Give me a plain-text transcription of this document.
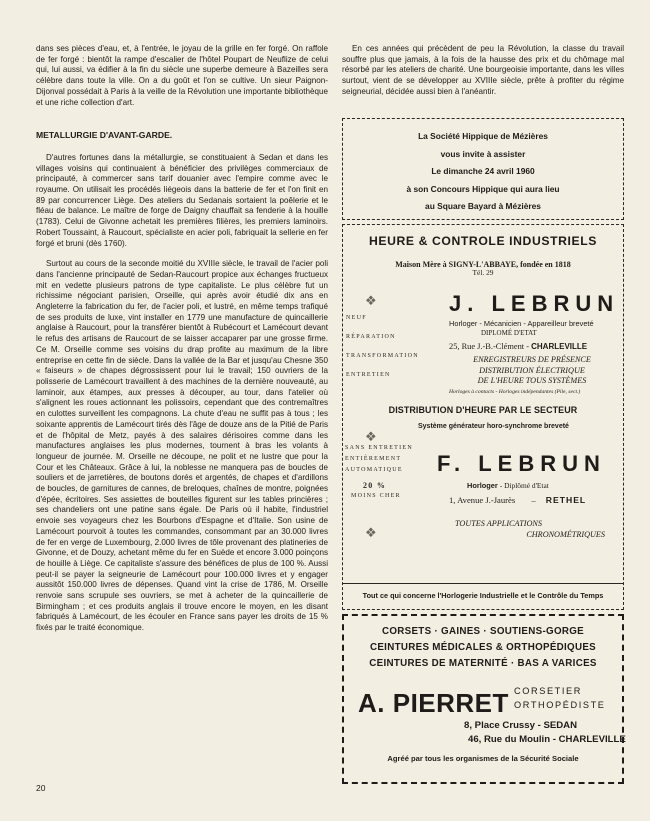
dans ses pièces d'eau, et, à l'entrée, le joyau de la grille en fer forgé. On raffole de fer forgé : bientôt la rampe d'escalier de l'hôtel Poupart de Neuflize de celui qui, lui aussi, va édifier à la fin du siècle une superbe demeure à Bazeilles sera célèbre dans toute la ville. On a du goût et l'on se cultive. Un sieur Paignon-Dijonval possédait à Paris à la veille de la Révolution une importante bibliothèque et une riche collection d'art.

METALLURGIE D'AVANT-GARDE.

D'autres fortunes dans la métallurgie, se constituaient à Sedan et dans les villages voisins qui continuaient à bénéficier des privilèges commerciaux de principauté, à commercer sans tarif douanier avec l'empire comme avec le royaume. On utilisait les procédés liégeois dans la batterie de fer et l'on finit en 89 par concurrencer Liège. Des ateliers du Sedanais sortaient la poêlerie et le fléau de balance. Le maître de forge de Daigny chauffait sa fenderie à la houille (1783). Celui de Givonne achetait les premières filières, les premiers laminoirs. Robert Toussaint, à Raucourt, spécialiste en acier poli, fabriquait la sellerie en fer forgé et bruni (dès 1760).

Surtout au cours de la seconde moitié du XVIIIe siècle, le travail de l'acier poli dans l'ancienne principauté de Sedan-Raucourt propice aux échanges fructueux mit en vedette plusieurs patrons de type capitaliste. Le plus célèbre fut un richissime négociant parisien, Orseille, qui après avoir étudié dix ans en Angleterre la fabrication du fer, de l'acier poli, et lustré, en même temps trafiqué de ses produits de luxe, vint installer en 1779 une manufacture de quincaillerie anglaise à Raucourt, pour la transférer bientôt à Rubécourt et Lamécourt devant le refus des artisans de Raucourt de se laisser accaparer par une grosse firme. Ce M. Orseille comme ses voisins du drap profite au maximum de la libre entreprise en cette fin de siècle. Dans la vallée de la Bar et jusqu'au Chesne 350 « faiseurs » de chapes dégrossissent pour lui le travail; 150 ouvriers de la polisserie de Lamécourt travaillent à des machines de la dernière nouveauté, au laminoir, aux étampes, aux presses à découper, au tour, dans l'atelier où s'alignent les roues actionnant les polissoirs, cependant que des contremaîtres en culottes surveillent les compagnons. La chute d'eau ne suffit pas à tous ; les soixante apprentis de Lamécourt tirés dès l'âge de douze ans de la Pitié de Paris et de l'hôpital de Metz, payés à des salaires dérisoires comme dans les manufactures anglaises les plus modernes, tournent à bras les volants à longueur de journée. M. Orseille ne découpe, ne polit et ne lustre que pour la Cour et les Châteaux. Grâce à lui, la noblesse ne manquera pas de boucles de souliers et de jarretières, de boutons dorés et argentés, de chapes et d'ardillons de boucles, de garnitures de cannes, de breloques, chaînes de montre, poignées d'épée, écritoires. Ses assiettes de bouteilles figurent sur les tables princières ; ses chandeliers ont une patine sans égale. De Paris où il habite, l'industriel envoie ses voyageurs chez les Bourbons d'Espagne et d'Italie. Son usine de Lamécourt pourvoit à toutes les commandes, consommant par an 30.000 livres de fer en verge de Luxembourg, 2.000 livres de tôle provenant des platineries de Givonne, et de Douzy, achetant même du fer en Suède et encore 3.000 poinçons de houille à Liège. Ce capitaliste s'assure des bénéfices de plus de 100 %. Aussi peut-il se payer la seigneurie de Lamécourt pour 100.000 livres et y engager aussitôt 150.000 livres de dépenses. Quand vint la crise de 1786, M. Orseille renvoie sans scrupule ses ouvriers, se met à acheter de la quincaillerie de Birmingham ; et ces produits anglais il trouve encore le moyen, en les disant fabriqués à Lamécourt, de les écouler en France sans payer les droits de 15 % fixés par le traité économique.

En ces années qui précèdent de peu la Révolution, la classe du travail souffre plus que jamais, à la fois de la hausse des prix et du chômage mal résorbé par les ateliers de charité. Une bourgeoisie importante, dans les villes surtout, vient de se développer au XVIIIe siècle, prête à profiter du régime seigneurial, décidée aussi bien à l'anéantir.

La Société Hippique de Mézières
vous invite à assister
Le dimanche 24 avril 1960
à son Concours Hippique qui aura lieu
au Square Bayard à Mézières
HEURE & CONTROLE INDUSTRIELS
Maison Mère à SIGNY-L'ABBAYE, fondée en 1818
Tél. 29
❖
NEUF
RÉPARATION
TRANSFORMATION
ENTRETIEN
J. LEBRUN
Horloger - Mécanicien - Appareilleur breveté
DIPLOMÉ D'ETAT
25, Rue J.-B.-Clément - CHARLEVILLE
ENREGISTREURS DE PRÉSENCE
DISTRIBUTION ÉLECTRIQUE
DE L'HEURE TOUS SYSTÈMES
Horloges à contacts - Horloges indépendantes (Pile, sect.)
DISTRIBUTION D'HEURE PAR LE SECTEUR
Système générateur horo-synchrome breveté
❖
SANS ENTRETIEN
ENTIÈREMENT
AUTOMATIQUE
20 %
MOINS CHER
❖
F. LEBRUN
Horloger - Diplômé d'Etat
1, Avenue J.-Jaurès – RETHEL
TOUTES APPLICATIONS
CHRONOMÉTRIQUES
Tout ce qui concerne l'Horlogerie Industrielle et le Contrôle du Temps
CORSETS · GAINES · SOUTIENS-GORGE
CEINTURES MÉDICALES & ORTHOPÉDIQUES
CEINTURES DE MATERNITÉ · BAS A VARICES
A. PIERRET CORSETIER
ORTHOPÉDISTE
8, Place Crussy - SEDAN
46, Rue du Moulin - CHARLEVILLE
Agréé par tous les organismes de la Sécurité Sociale
20
